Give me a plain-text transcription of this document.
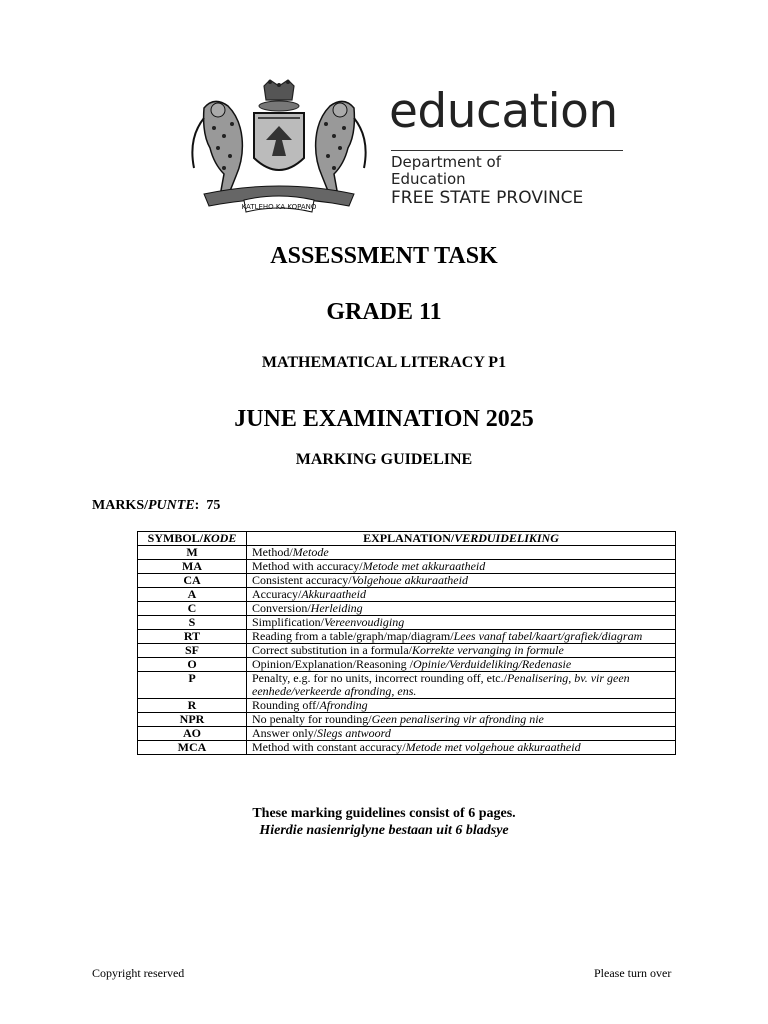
KATLEHO KA KOPANO
education
Department of
Education
FREE STATE PROVINCE
ASSESSMENT TASK
GRADE 11
MATHEMATICAL LITERACY P1
JUNE EXAMINATION 2025
MARKING GUIDELINE
MARKS/PUNTE: 75
SYMBOL/KODE	EXPLANATION/VERDUIDELIKING
M	Method/Metode
MA	Method with accuracy/Metode met akkuraatheid
CA	Consistent accuracy/Volgehoue akkuraatheid
A	Accuracy/Akkuraatheid
C	Conversion/Herleiding
S	Simplification/Vereenvoudiging
RT	Reading from a table/graph/map/diagram/Lees vanaf tabel/kaart/grafiek/diagram
SF	Correct substitution in a formula/Korrekte vervanging in formule
O	Opinion/Explanation/Reasoning /Opinie/Verduideliking/Redenasie
P	Penalty, e.g. for no units, incorrect rounding off, etc./Penalisering, bv. vir geen eenhede/verkeerde afronding, ens.
R	Rounding off/Afronding
NPR	No penalty for rounding/Geen penalisering vir afronding nie
AO	Answer only/Slegs antwoord
MCA	Method with constant accuracy/Metode met volgehoue akkuraatheid
These marking guidelines consist of 6 pages.
Hierdie nasienriglyne bestaan uit 6 bladsye
Copyright reserved	Please turn over
